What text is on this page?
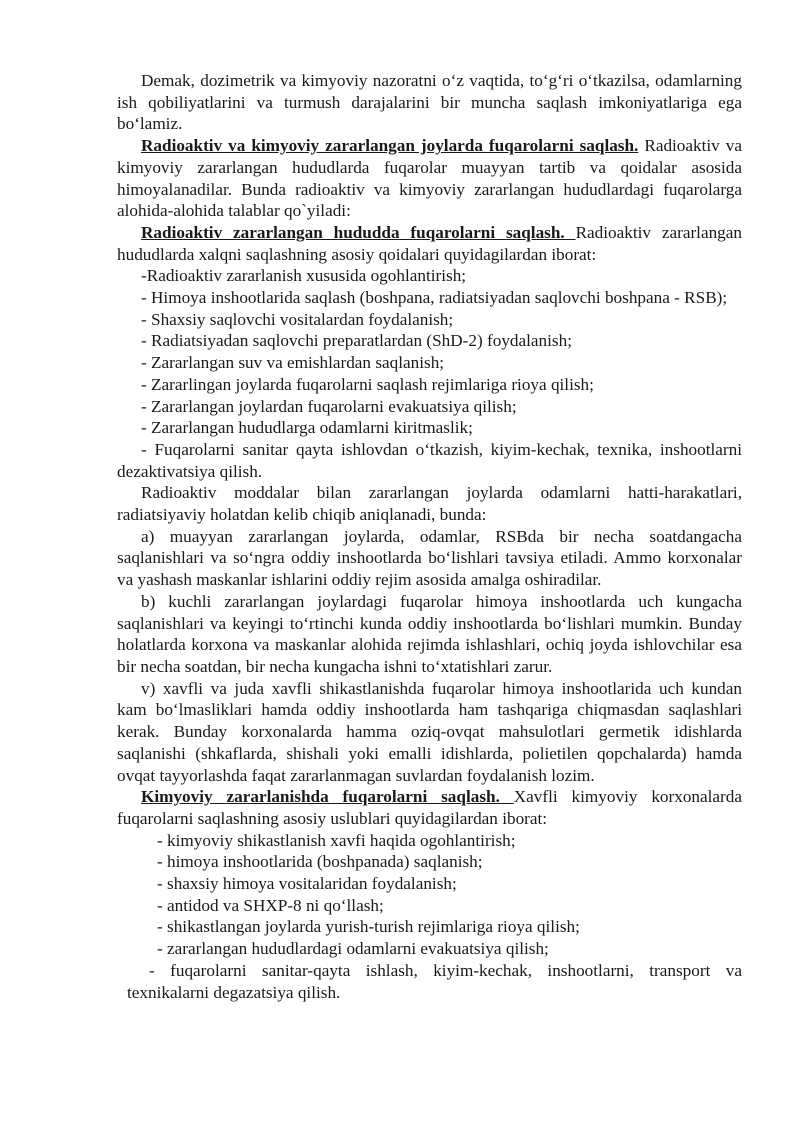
Demak, dozimetrik va kimyoviy nazoratni o‘z vaqtida, to‘g‘ri o‘tkazilsa, odamlarning ish qobiliyatlarini va turmush darajalarini bir muncha saqlash imkoniyatlariga ega bo‘lamiz.

Radioaktiv va kimyoviy zararlangan joylarda fuqarolarni saqlash. Radioaktiv va kimyoviy zararlangan hududlarda fuqarolar muayyan tartib va qoidalar asosida himoyalanadilar. Bunda radioaktiv va kimyoviy zararlangan hududlardagi fuqarolarga alohida-alohida talablar qo`yiladi:

Radioaktiv zararlangan hududda fuqarolarni saqlash. Radioaktiv zararlangan hududlarda xalqni saqlashning asosiy qoidalari quyidagilardan iborat:

-Radioaktiv zararlanish xususida ogohlantirish;

- Himoya inshootlarida saqlash (boshpana, radiatsiyadan saqlovchi boshpana - RSB);

- Shaxsiy saqlovchi vositalardan foydalanish;

- Radiatsiyadan saqlovchi preparatlardan (ShD-2) foydalanish;

- Zararlangan suv va emishlardan saqlanish;

- Zararlingan joylarda fuqarolarni saqlash rejimlariga rioya qilish;

- Zararlangan joylardan fuqarolarni evakuatsiya qilish;

- Zararlangan hududlarga odamlarni kiritmaslik;

- Fuqarolarni sanitar qayta ishlovdan o‘tkazish, kiyim-kechak, texnika, inshootlarni dezaktivatsiya qilish.

Radioaktiv moddalar bilan zararlangan joylarda odamlarni hatti-harakatlari, radiatsiyaviy holatdan kelib chiqib aniqlanadi, bunda:

a) muayyan zararlangan joylarda, odamlar, RSBda bir necha soatdangacha saqlanishlari va so‘ngra oddiy inshootlarda bo‘lishlari tavsiya etiladi. Ammo korxonalar va yashash maskanlar ishlarini oddiy rejim asosida amalga oshiradilar.

b) kuchli zararlangan joylardagi fuqarolar himoya inshootlarda uch kungacha saqlanishlari va keyingi to‘rtinchi kunda oddiy inshootlarda bo‘lishlari mumkin. Bunday holatlarda korxona va maskanlar alohida rejimda ishlashlari, ochiq joyda ishlovchilar esa bir necha soatdan, bir necha kungacha ishni to‘xtatishlari zarur.

v) xavfli va juda xavfli shikastlanishda fuqarolar himoya inshootlarida uch kundan kam bo‘lmasliklari hamda oddiy inshootlarda ham tashqariga chiqmasdan saqlashlari kerak. Bunday korxonalarda hamma oziq-ovqat mahsulotlari germetik idishlarda saqlanishi (shkaflarda, shishali yoki emalli idishlarda, polietilen qopchalarda) hamda ovqat tayyorlashda faqat zararlanmagan suvlardan foydalanish lozim.

Kimyoviy zararlanishda fuqarolarni saqlash. Xavfli kimyoviy korxonalarda fuqarolarni saqlashning asosiy uslublari quyidagilardan iborat:

- kimyoviy shikastlanish xavfi haqida ogohlantirish;

- himoya inshootlarida (boshpanada) saqlanish;

- shaxsiy himoya vositalaridan foydalanish;

- antidod va SHXP-8 ni qo‘llash;

- shikastlangan joylarda yurish-turish rejimlariga rioya qilish;

- zararlangan hududlardagi odamlarni evakuatsiya qilish;

- fuqarolarni sanitar-qayta ishlash, kiyim-kechak, inshootlarni, transport va texnikalarni degazatsiya qilish.
